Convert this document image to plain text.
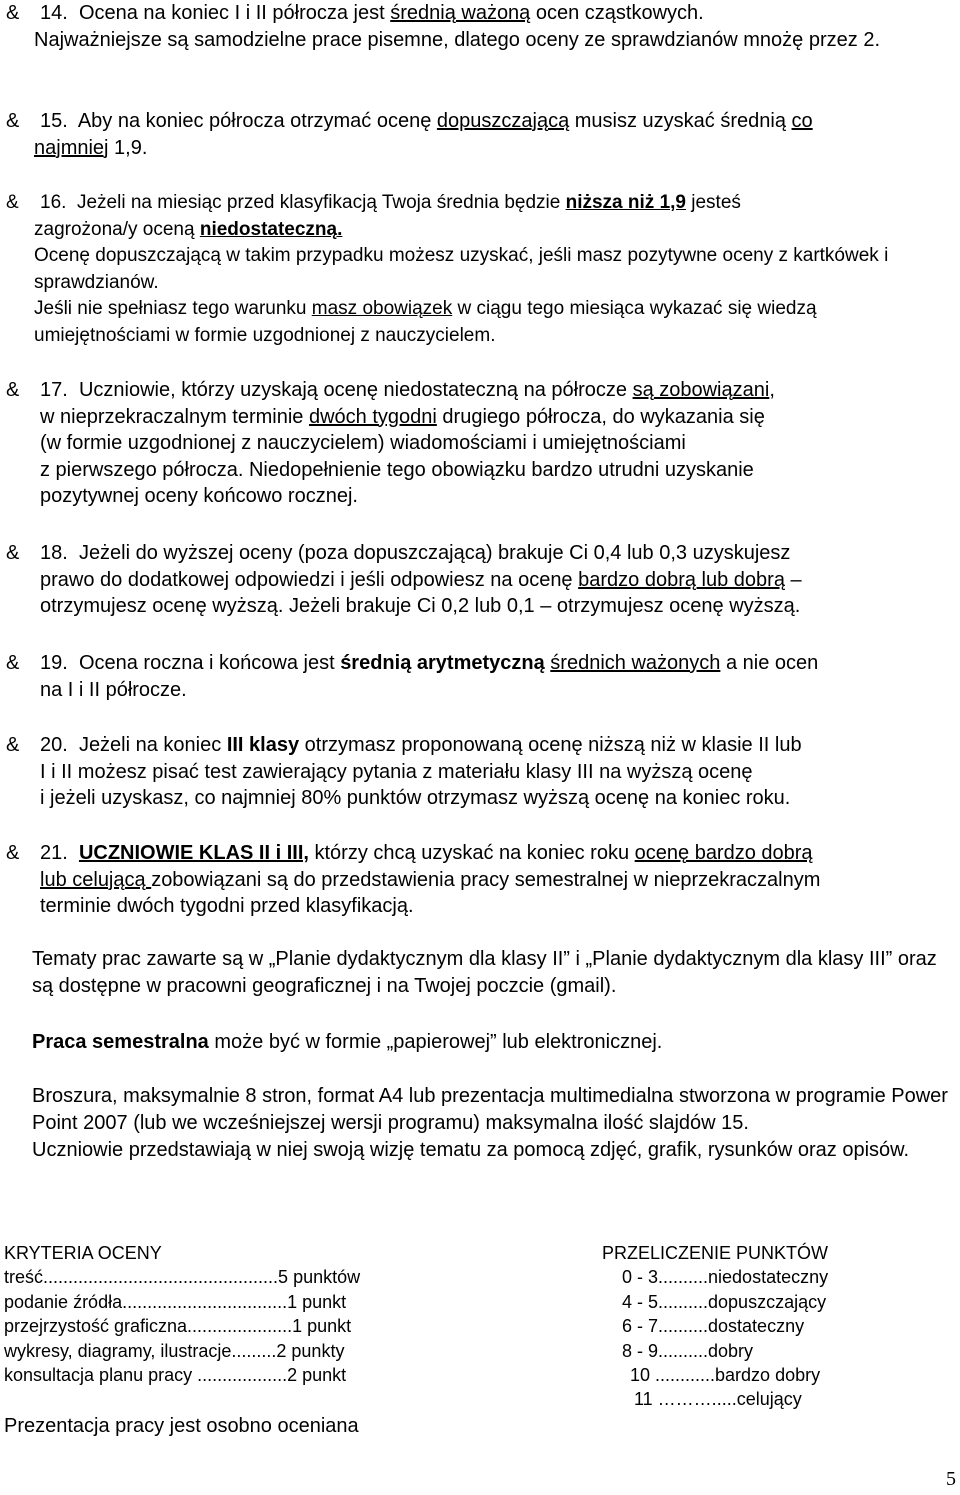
& 14. Ocena na koniec I i II półrocza jest średnią ważoną ocen cząstkowych.
Najważniejsze są samodzielne prace pisemne, dlatego oceny ze sprawdzianów mnożę przez 2.
& 15. Aby na koniec półrocza otrzymać ocenę dopuszczającą musisz uzyskać średnią co
najmniej 1,9.
& 16. Jeżeli na miesiąc przed klasyfikacją Twoja średnia będzie niższa niż 1,9 jesteś
zagrożona/y oceną niedostateczną.
Ocenę dopuszczającą w takim przypadku możesz uzyskać, jeśli masz pozytywne oceny z kartkówek i sprawdzianów.
Jeśli nie spełniasz tego warunku masz obowiązek w ciągu tego miesiąca wykazać się wiedzą umiejętnościami w formie uzgodnionej z nauczycielem.
& 17. Uczniowie, którzy uzyskają ocenę niedostateczną na półrocze są zobowiązani,
w nieprzekraczalnym terminie dwóch tygodni drugiego półrocza, do wykazania się
(w formie uzgodnionej z nauczycielem) wiadomościami i umiejętnościami
z pierwszego półrocza. Niedopełnienie tego obowiązku bardzo utrudni uzyskanie
pozytywnej oceny końcowo rocznej.
& 18. Jeżeli do wyższej oceny (poza dopuszczającą) brakuje Ci 0,4 lub 0,3 uzyskujesz
prawo do dodatkowej odpowiedzi i jeśli odpowiesz na ocenę bardzo dobrą lub dobrą –
otrzymujesz ocenę wyższą. Jeżeli brakuje Ci 0,2 lub 0,1 – otrzymujesz ocenę wyższą.
& 19. Ocena roczna i końcowa jest średnią arytmetyczną średnich ważonych a nie ocen
na I i II półrocze.
& 20. Jeżeli na koniec III klasy otrzymasz proponowaną ocenę niższą niż w klasie II lub
I i II możesz pisać test zawierający pytania z materiału klasy III na wyższą ocenę
i jeżeli uzyskasz, co najmniej 80% punktów otrzymasz wyższą ocenę na koniec roku.
& 21. UCZNIOWIE KLAS II i III, którzy chcą uzyskać na koniec roku ocenę bardzo dobrą
lub celującą zobowiązani są do przedstawienia pracy semestralnej w nieprzekraczalnym
terminie dwóch tygodni przed klasyfikacją.
Tematy prac zawarte są w „Planie dydaktycznym dla klasy II” i „Planie dydaktycznym dla klasy III” oraz są dostępne w pracowni geograficznej i na Twojej poczcie (gmail).
Praca semestralna może być w formie „papierowej” lub elektronicznej.
Broszura, maksymalnie 8 stron, format A4 lub prezentacja multimedialna stworzona w programie Power Point 2007 (lub we wcześniejszej wersji programu) maksymalna ilość slajdów 15.
Uczniowie przedstawiają w niej swoją wizję tematu za pomocą zdjęć, grafik, rysunków oraz opisów.
KRYTERIA OCENY
treść...............................................5 punktów
podanie źródła.................................1 punkt
przejrzystość graficzna.....................1 punkt
wykresy, diagramy, ilustracje.........2 punkty
konsultacja planu pracy ..................2 punkt
PRZELICZENIE PUNKTÓW
0 - 3..........niedostateczny
4 - 5..........dopuszczający
6 - 7..........dostateczny
8 - 9..........dobry
10 ............bardzo dobry
11 ……….....celujący
Prezentacja pracy jest osobno oceniana
5
